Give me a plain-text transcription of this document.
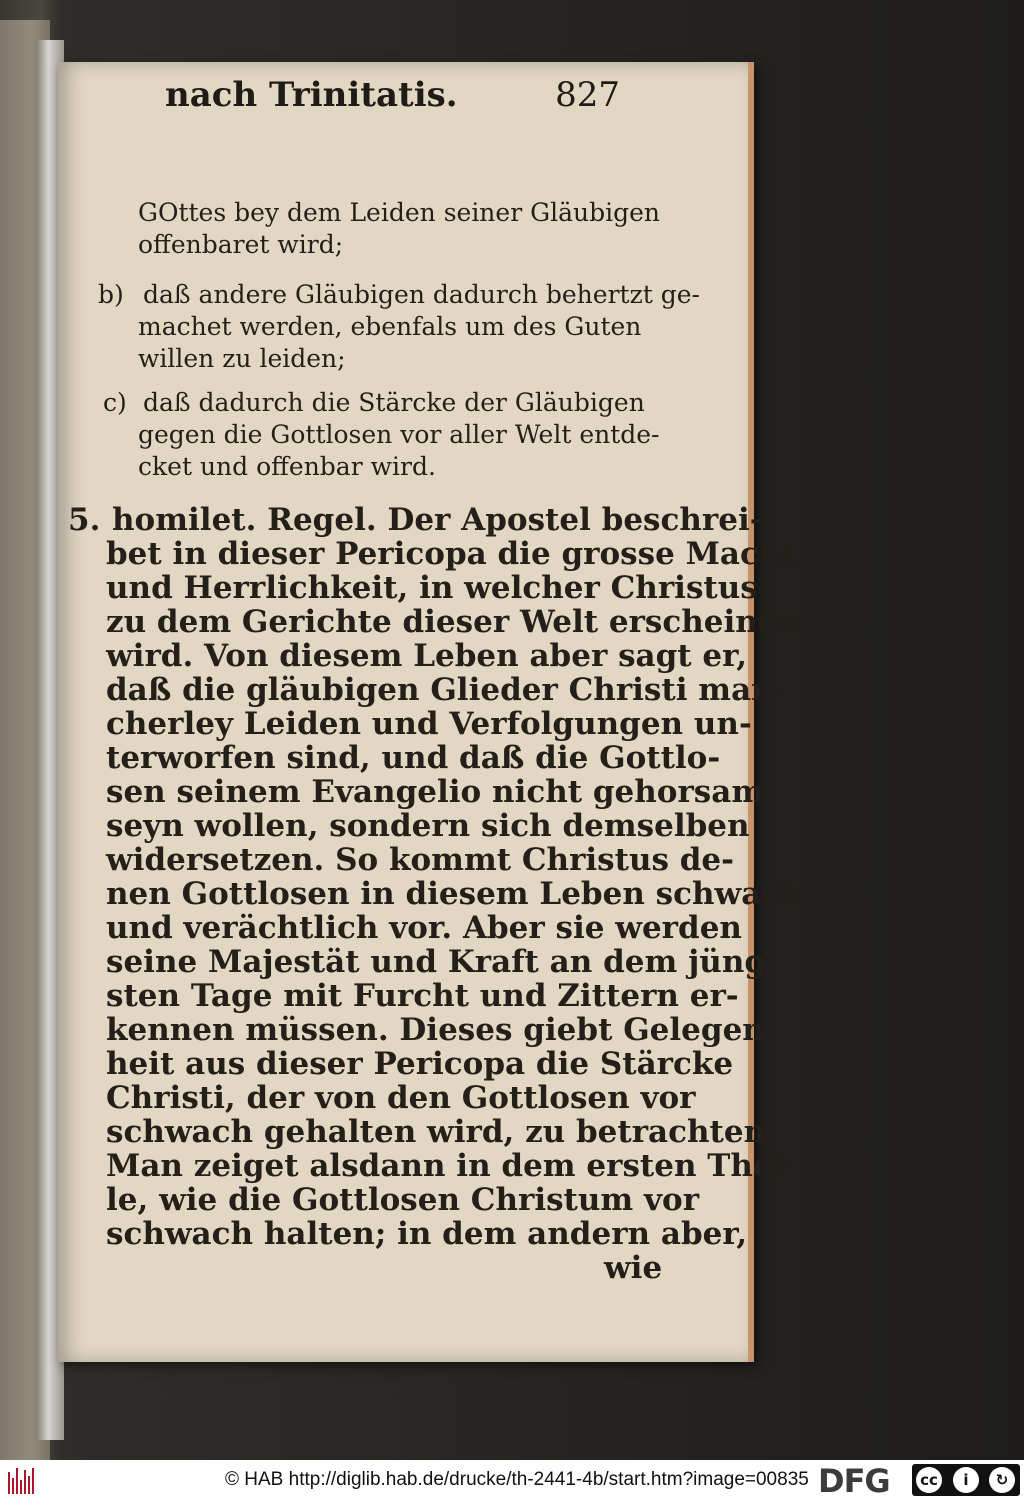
nach Trinitatis.	827
GOttes bey dem Leiden seiner Gläubigen
offenbaret wird;
b) daß andere Gläubigen dadurch behertzt ge-
machet werden, ebenfals um des Guten
willen zu leiden;
c) daß dadurch die Stärcke der Gläubigen
gegen die Gottlosen vor aller Welt entde-
cket und offenbar wird.
5. homilet. Regel. Der Apostel beschrei-
bet in dieser Pericopa die grosse Macht
und Herrlichkeit, in welcher Christus
zu dem Gerichte dieser Welt erscheinen
wird. Von diesem Leben aber sagt er,
daß die gläubigen Glieder Christi man-
cherley Leiden und Verfolgungen un-
terworfen sind, und daß die Gottlo-
sen seinem Evangelio nicht gehorsam
seyn wollen, sondern sich demselben
widersetzen. So kommt Christus de-
nen Gottlosen in diesem Leben schwach
und verächtlich vor. Aber sie werden
seine Majestät und Kraft an dem jüng-
sten Tage mit Furcht und Zittern er-
kennen müssen. Dieses giebt Gelegen-
heit aus dieser Pericopa die Stärcke
Christi, der von den Gottlosen vor
schwach gehalten wird, zu betrachten.
Man zeiget alsdann in dem ersten Thei-
le, wie die Gottlosen Christum vor
schwach halten; in dem andern aber,
wie
© HAB http://diglib.hab.de/drucke/th-2441-4b/start.htm?image=00835 DFG cc	i	↻
